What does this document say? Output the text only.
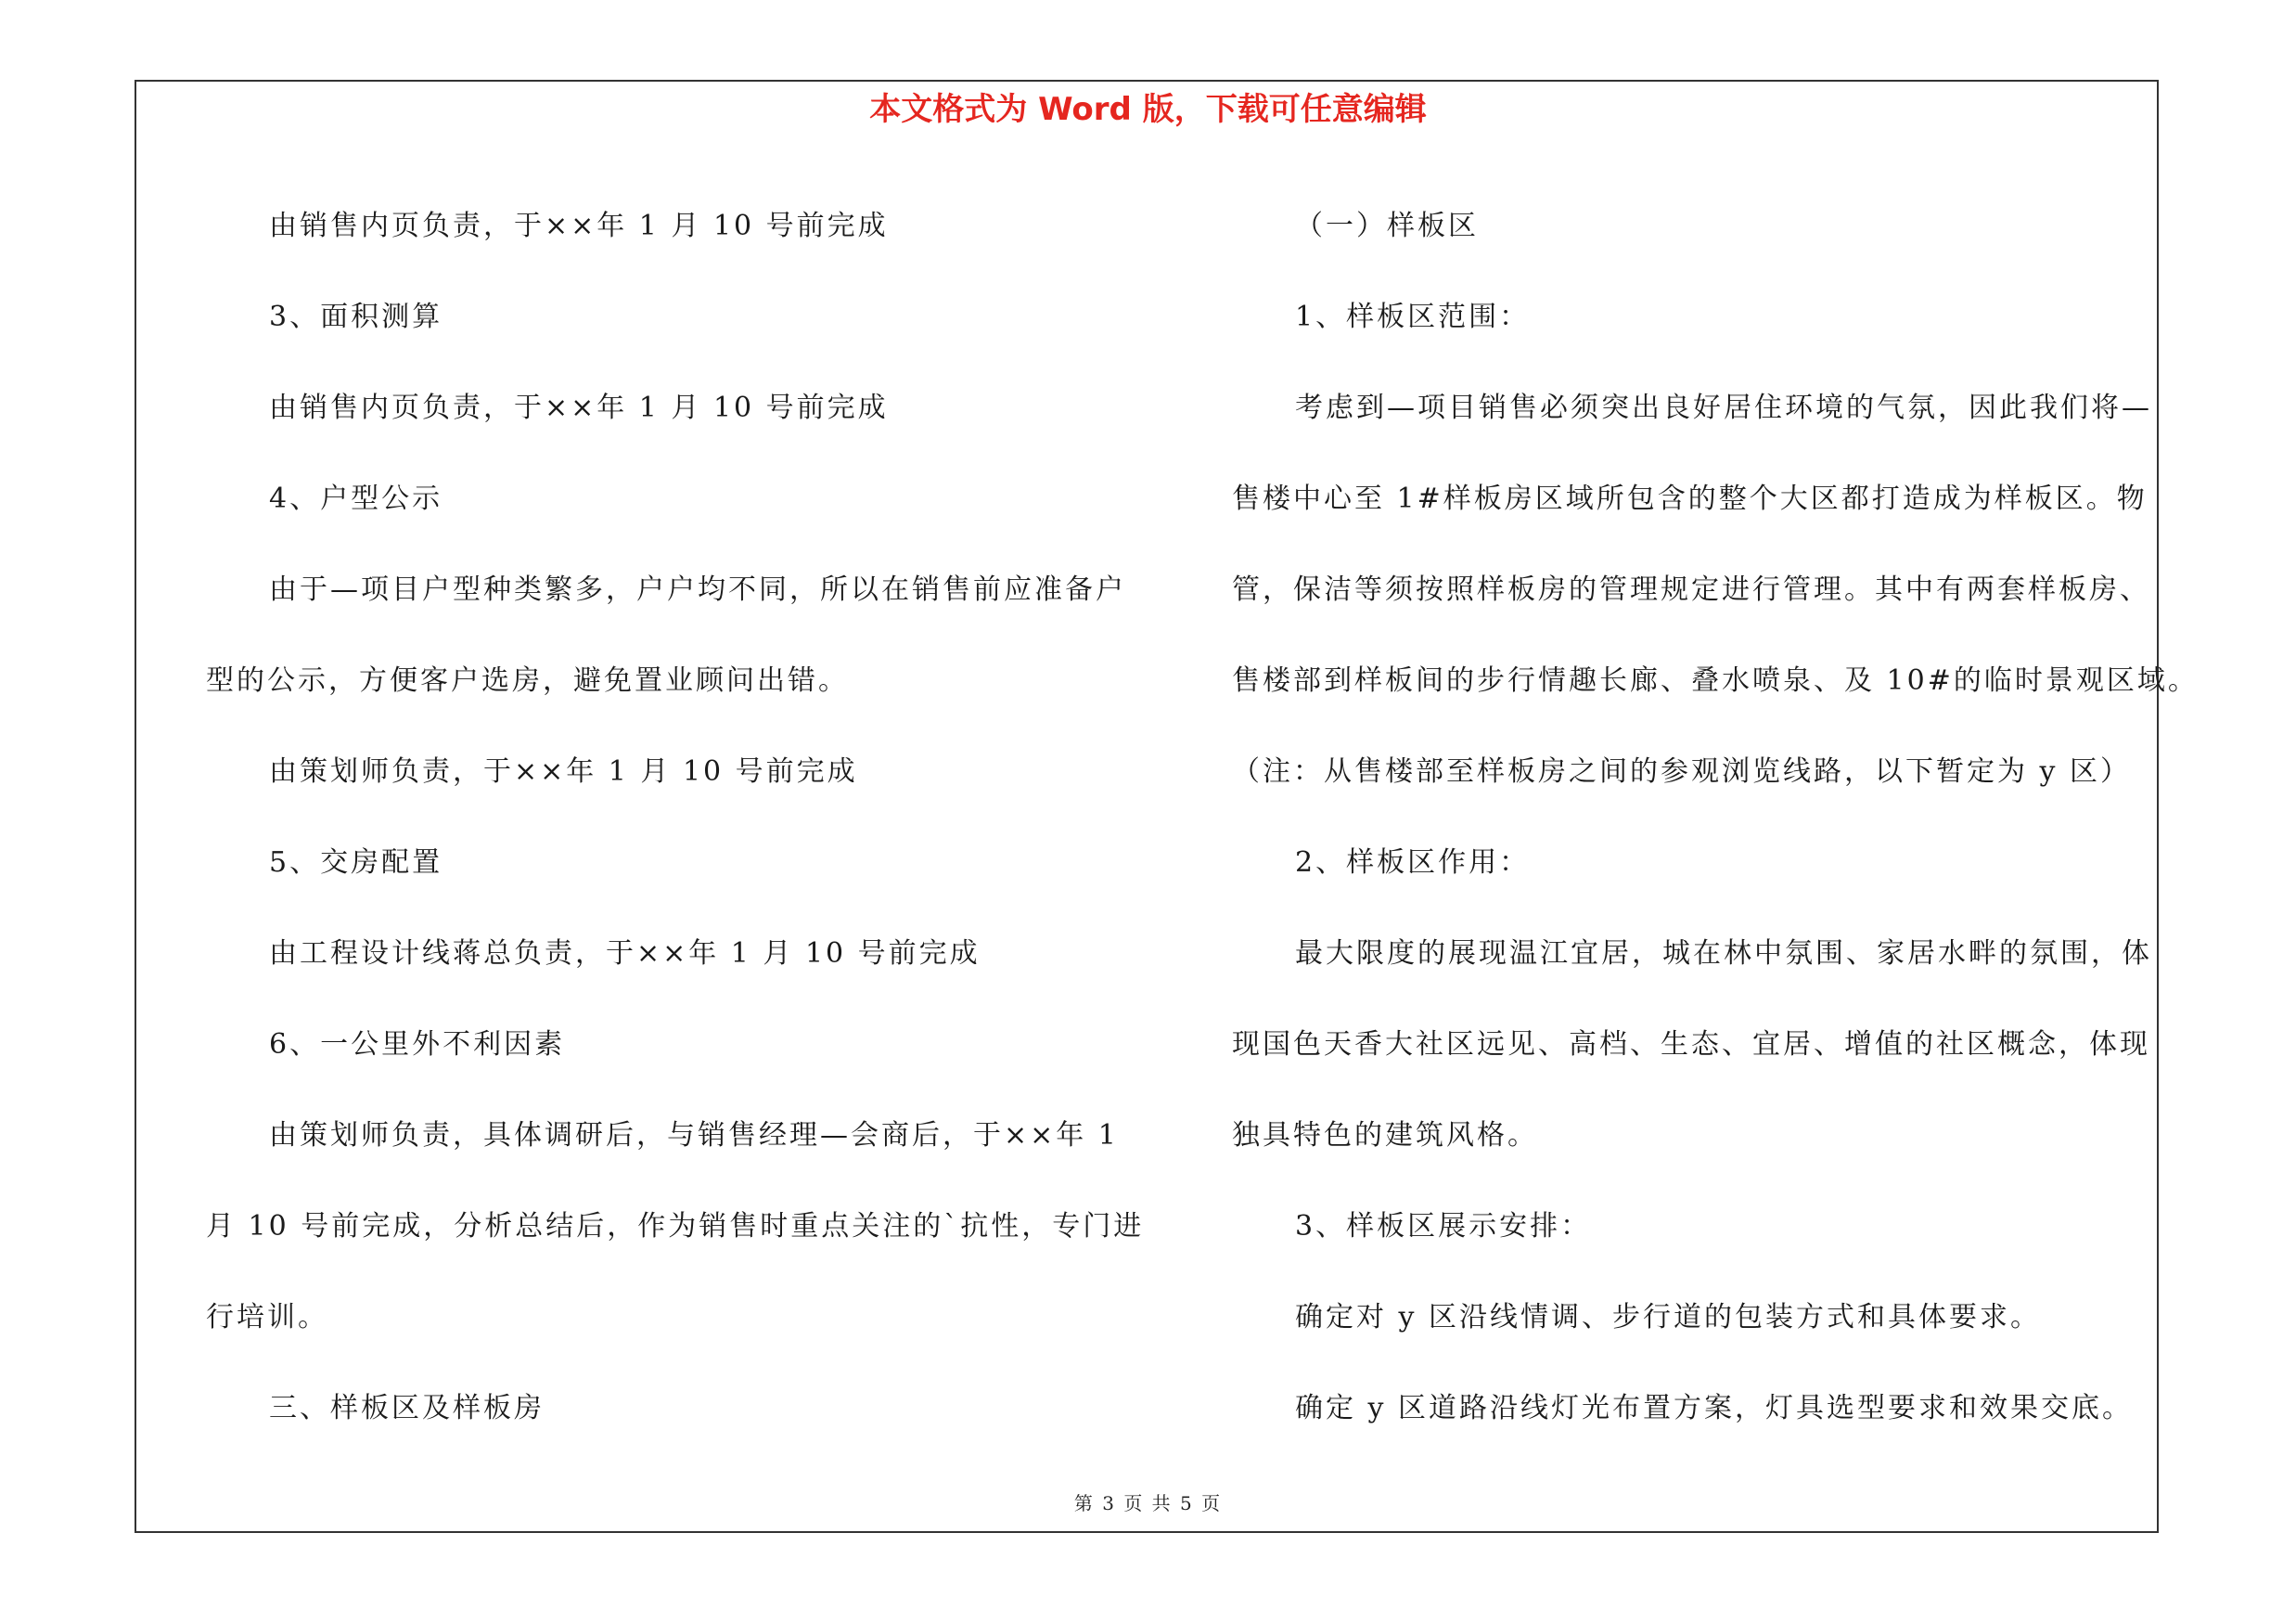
本文格式为 Word 版，下载可任意编辑

由销售内页负责，于××年 1 月 10 号前完成

3、面积测算

由销售内页负责，于××年 1 月 10 号前完成

4、户型公示

由于—项目户型种类繁多，户户均不同，所以在销售前应准备户

型的公示，方便客户选房，避免置业顾问出错。

由策划师负责，于××年 1 月 10 号前完成

5、交房配置

由工程设计线蒋总负责，于××年 1 月 10 号前完成

6、一公里外不利因素

由策划师负责，具体调研后，与销售经理—会商后，于××年 1

月 10 号前完成，分析总结后，作为销售时重点关注的`抗性，专门进

行培训。

三、样板区及样板房

（一）样板区

1、样板区范围：

考虑到—项目销售必须突出良好居住环境的气氛，因此我们将—

售楼中心至 1#样板房区域所包含的整个大区都打造成为样板区。物

管，保洁等须按照样板房的管理规定进行管理。其中有两套样板房、

售楼部到样板间的步行情趣长廊、叠水喷泉、及 10#的临时景观区域。

（注：从售楼部至样板房之间的参观浏览线路，以下暂定为 y 区）

2、样板区作用：

最大限度的展现温江宜居，城在林中氛围、家居水畔的氛围，体

现国色天香大社区远见、高档、生态、宜居、增值的社区概念，体现

独具特色的建筑风格。

3、样板区展示安排：

确定对 y 区沿线情调、步行道的包装方式和具体要求。

确定 y 区道路沿线灯光布置方案，灯具选型要求和效果交底。

第 3 页 共 5 页
